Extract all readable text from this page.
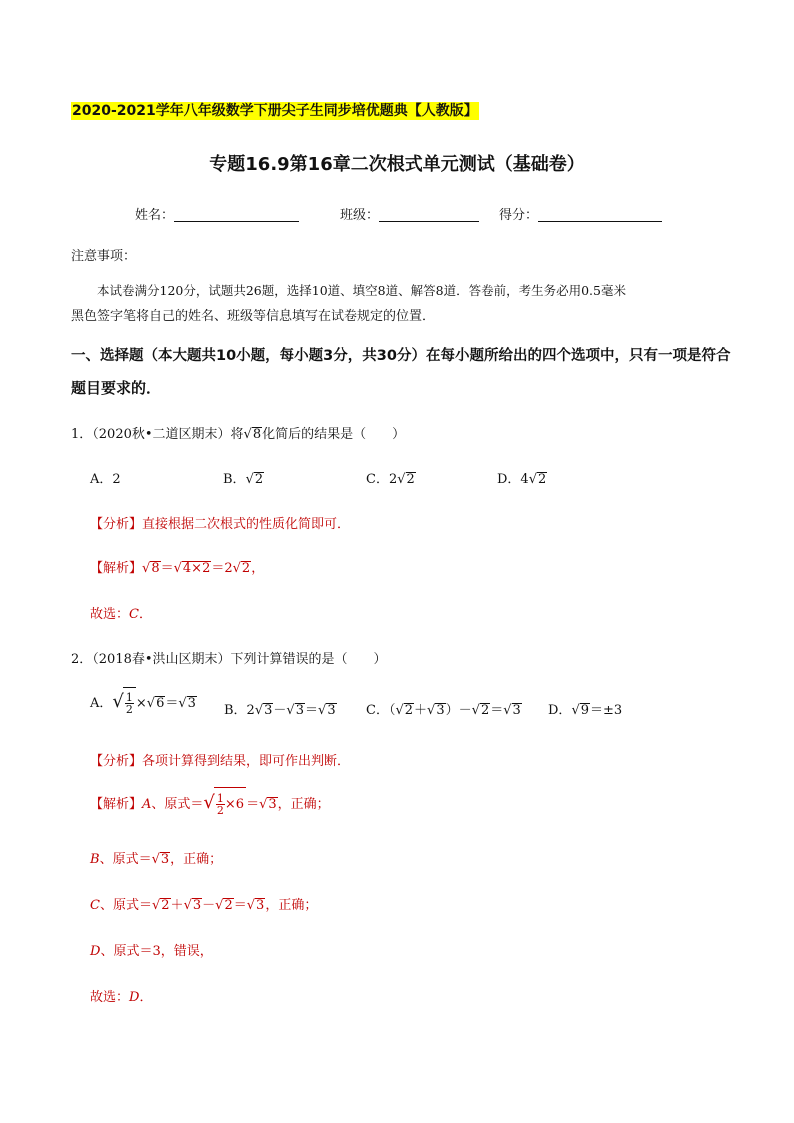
2020-2021学年八年级数学下册尖子生同步培优题典【人教版】
专题16.9第16章二次根式单元测试（基础卷）
姓名：	班级：	得分：
注意事项：
本试卷满分120分，试题共26题，选择10道、填空8道、解答8道．答卷前，考生务必用0.5毫米
黑色签字笔将自己的姓名、班级等信息填写在试卷规定的位置．
一、选择题（本大题共10小题，每小题3分，共30分）在每小题所给出的四个选项中，只有一项是符合
题目要求的．
1．（2020秋•二道区期末）将√8化简后的结果是（　　）
A．2	B．√2	C．2√2	D．4√2
【分析】直接根据二次根式的性质化简即可．
【解析】√8＝√4×2＝2√2，
故选：C．
2．（2018春•洪山区期末）下列计算错误的是（　　）
A．√ $\frac{1}{2} \times√6=√3$ B．2√3－√3＝√3 C．（√2＋√3）－√2＝√3 D．√9＝±3
【分析】各项计算得到结果，即可作出判断．
【解析】A、原式＝√ $\frac{1}{2} \times 6 =√3$，正确；
B、原式＝√3，正确；
C、原式＝√2＋√3－√2＝√3，正确；
D、原式＝3，错误，
故选：D．
